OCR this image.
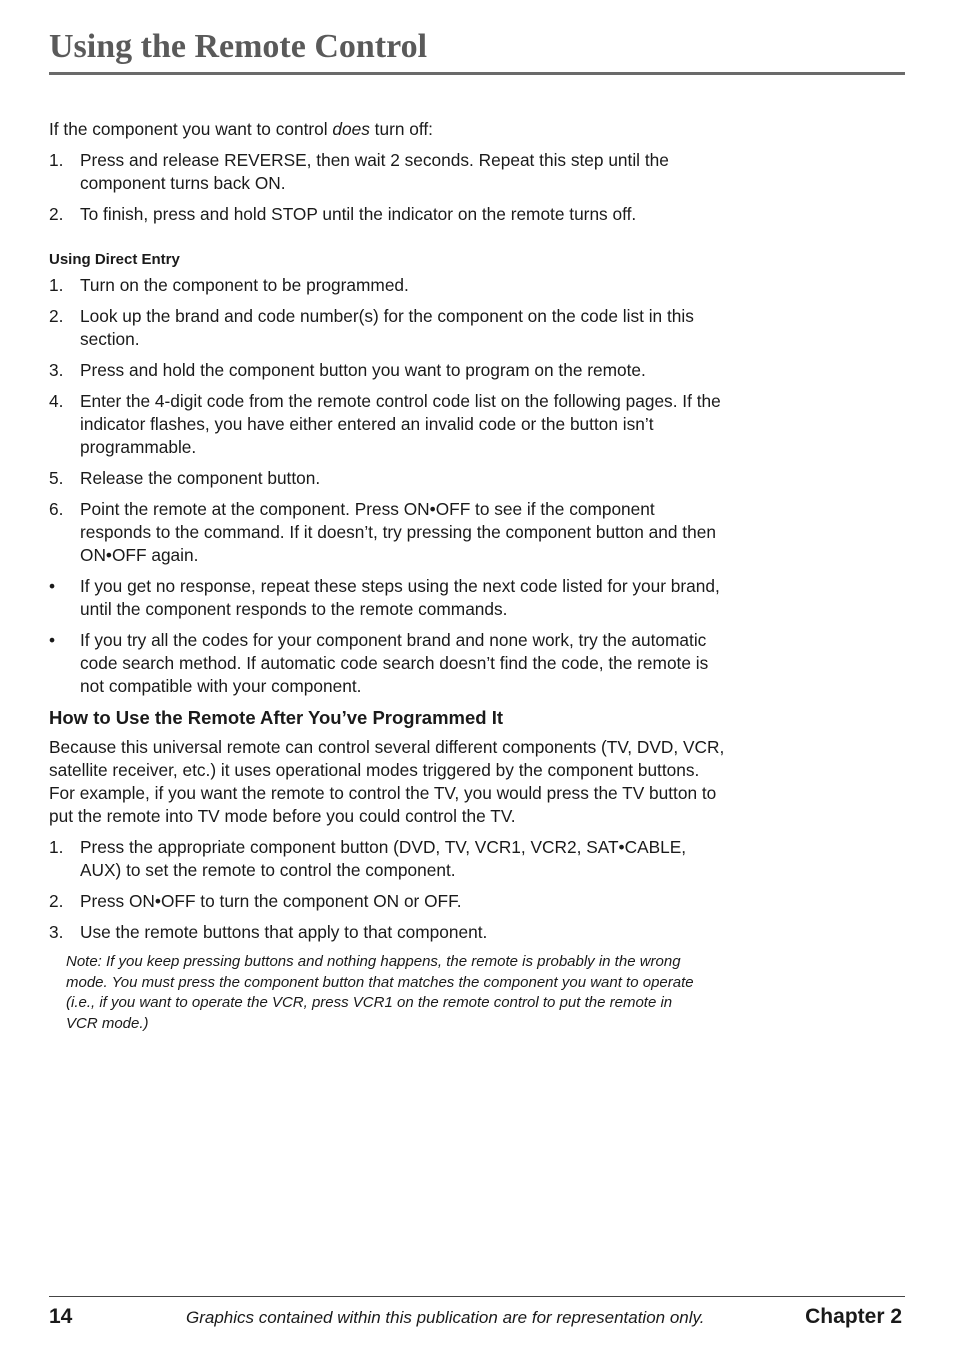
Using the Remote Control

If the component you want to control does turn off:

1. Press and release REVERSE, then wait 2 seconds. Repeat this step until the component turns back ON.
2. To finish, press and hold STOP until the indicator on the remote turns off.
Using Direct Entry
1. Turn on the component to be programmed.
2. Look up the brand and code number(s) for the component on the code list in this section.
3. Press and hold the component button you want to program on the remote.
4. Enter the 4-digit code from the remote control code list on the following pages. If the indicator flashes, you have either entered an invalid code or the button isn’t programmable.
5. Release the component button.
6. Point the remote at the component. Press ON•OFF to see if the component responds to the command. If it doesn’t, try pressing the component button and then ON•OFF again.
• If you get no response, repeat these steps using the next code listed for your brand, until the component responds to the remote commands.
• If you try all the codes for your component brand and none work, try the automatic code search method. If automatic code search doesn’t find the code, the remote is not compatible with your component.
How to Use the Remote After You’ve Programmed It

Because this universal remote can control several different components (TV, DVD, VCR, satellite receiver, etc.) it uses operational modes triggered by the component buttons. For example, if you want the remote to control the TV, you would press the TV button to put the remote into TV mode before you could control the TV.

1. Press the appropriate component button (DVD, TV, VCR1, VCR2, SAT•CABLE, AUX) to set the remote to control the component.
2. Press ON•OFF to turn the component ON or OFF.
3. Use the remote buttons that apply to that component.

Note: If you keep pressing buttons and nothing happens, the remote is probably in the wrong mode. You must press the component button that matches the component you want to operate (i.e., if you want to operate the VCR, press VCR1 on the remote control to put the remote in VCR mode.)

14	Graphics contained within this publication are for representation only.	Chapter 2
